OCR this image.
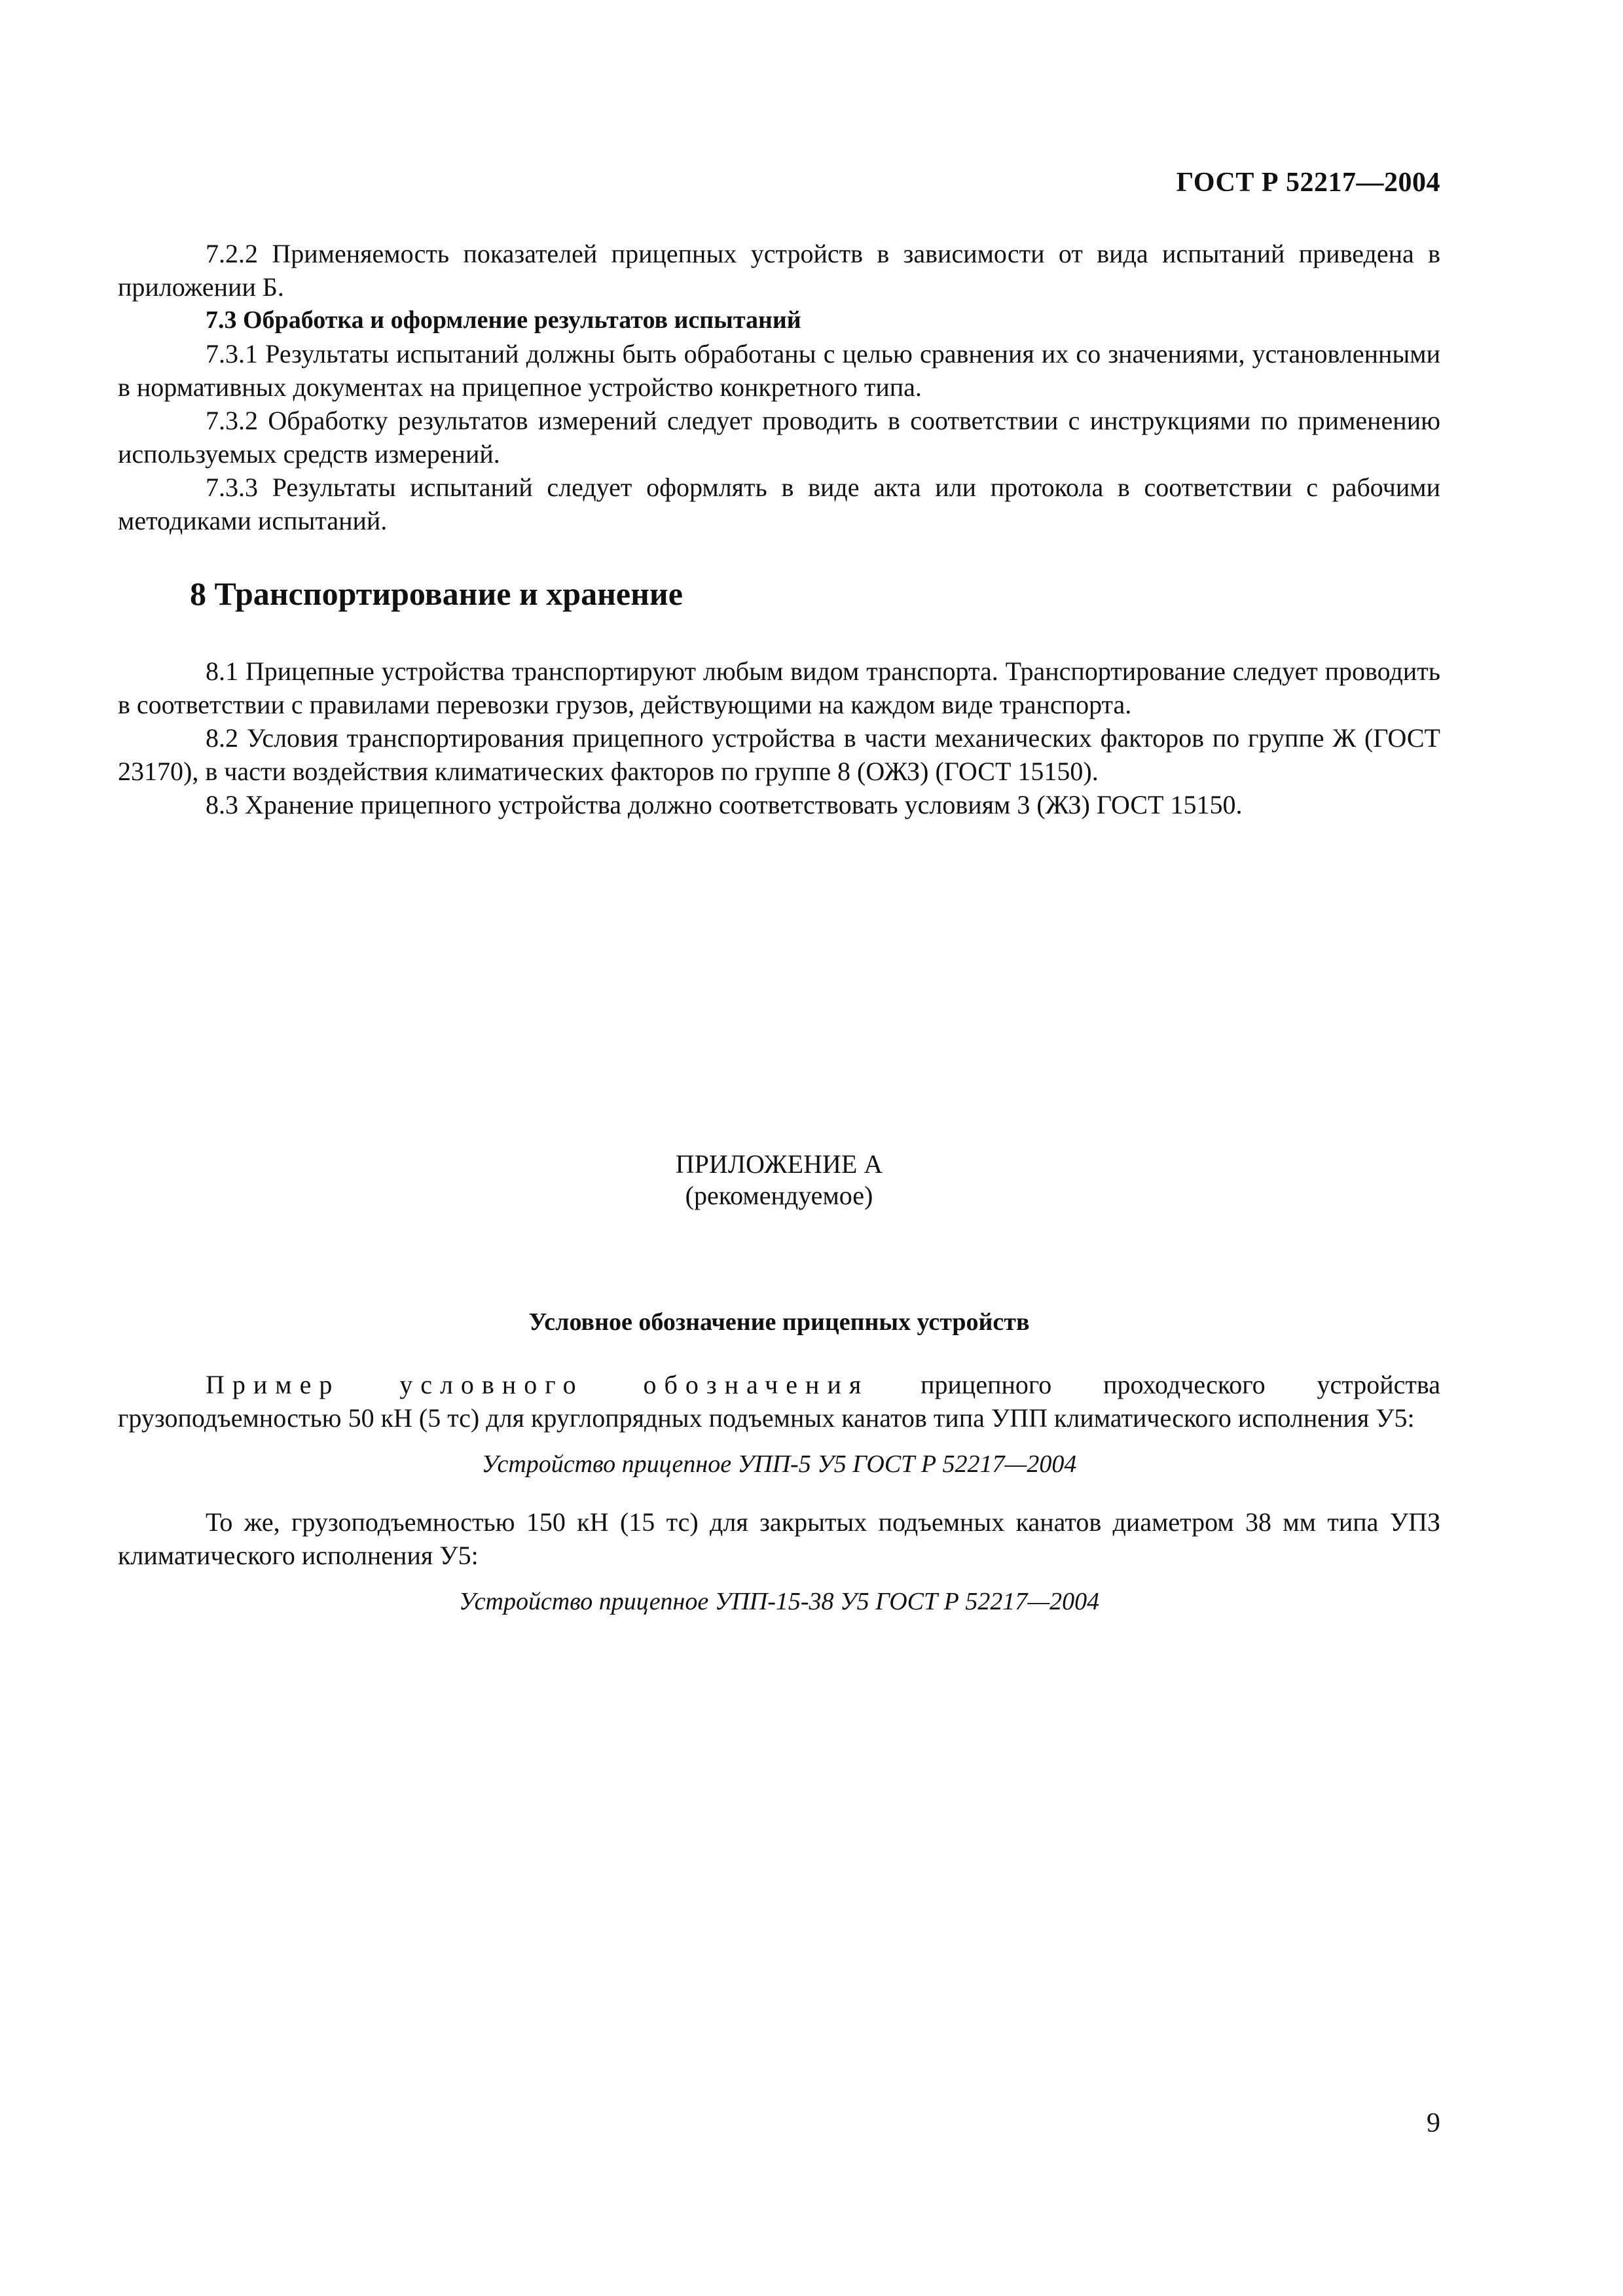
ГОСТ Р 52217—2004

7.2.2 Применяемость показателей прицепных устройств в зависимости от вида испытаний приведена в приложении Б.

7.3 Обработка и оформление результатов испытаний

7.3.1 Результаты испытаний должны быть обработаны с целью сравнения их со значениями, установленными в нормативных документах на прицепное устройство конкретного типа.

7.3.2 Обработку результатов измерений следует проводить в соответствии с инструкциями по применению используемых средств измерений.

7.3.3 Результаты испытаний следует оформлять в виде акта или протокола в соответствии с рабочими методиками испытаний.

8 Транспортирование и хранение

8.1 Прицепные устройства транспортируют любым видом транспорта. Транспортирование следует проводить в соответствии с правилами перевозки грузов, действующими на каждом виде транспорта.

8.2 Условия транспортирования прицепного устройства в части механических факторов по группе Ж (ГОСТ 23170), в части воздействия климатических факторов по группе 8 (ОЖЗ) (ГОСТ 15150).

8.3 Хранение прицепного устройства должно соответствовать условиям 3 (ЖЗ) ГОСТ 15150.

ПРИЛОЖЕНИЕ А
(рекомендуемое)
Условное обозначение прицепных устройств

Пример условного обозначения прицепного проходческого устройства грузоподъемностью 50 кН (5 тс) для круглопрядных подъемных канатов типа УПП климатического исполнения У5:

Устройство прицепное УПП-5 У5 ГОСТ Р 52217—2004

То же, грузоподъемностью 150 кН (15 тс) для закрытых подъемных канатов диаметром 38 мм типа УПЗ климатического исполнения У5:

Устройство прицепное УПП-15-38 У5 ГОСТ Р 52217—2004
9
